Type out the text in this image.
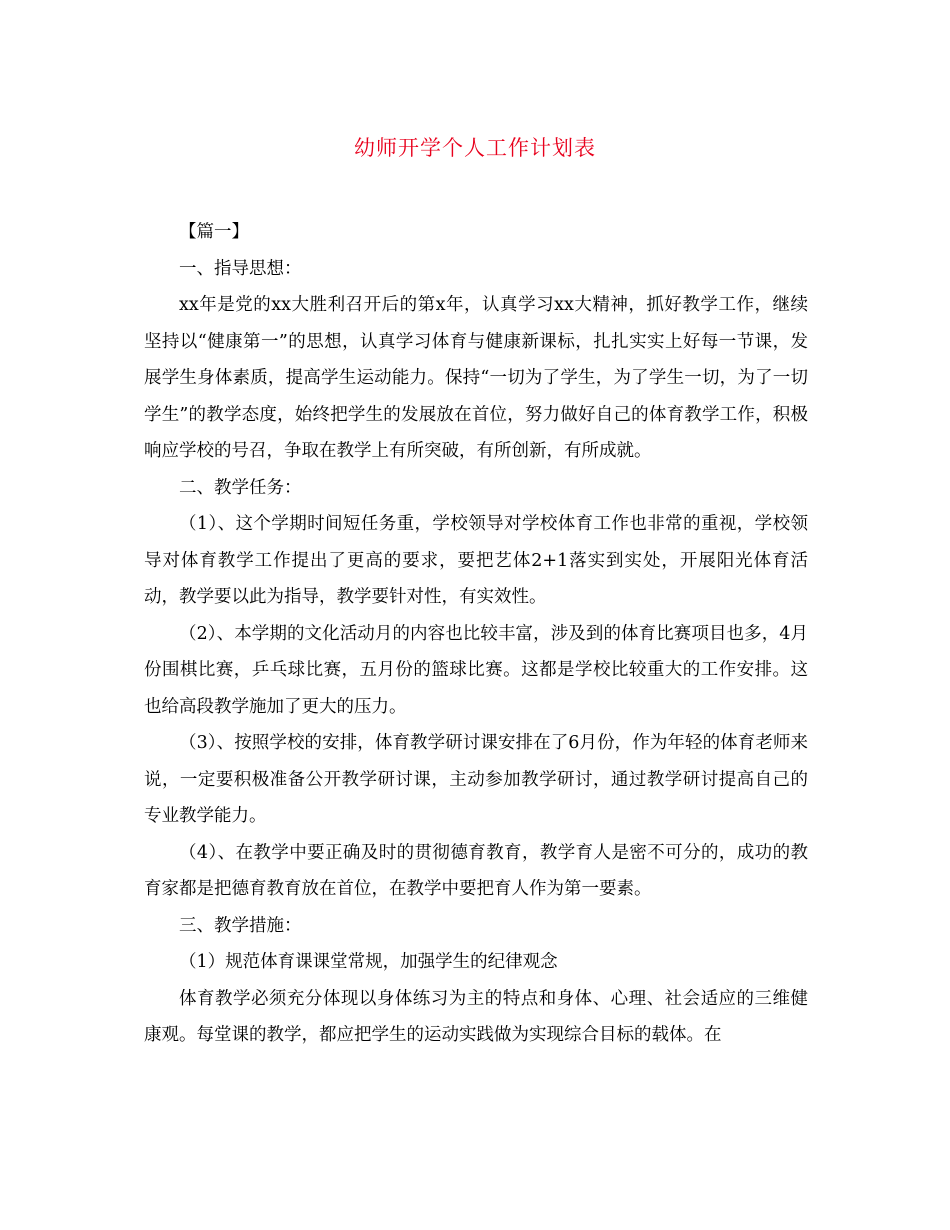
幼师开学个人工作计划表

【篇一】

一、指导思想：

xx年是党的xx大胜利召开后的第x年，认真学习xx大精神，抓好教学工作，继续坚持以“健康第一”的思想，认真学习体育与健康新课标，扎扎实实上好每一节课，发展学生身体素质，提高学生运动能力。保持“一切为了学生，为了学生一切，为了一切学生”的教学态度，始终把学生的发展放在首位，努力做好自己的体育教学工作，积极响应学校的号召，争取在教学上有所突破，有所创新，有所成就。

二、教学任务：

（1）、这个学期时间短任务重，学校领导对学校体育工作也非常的重视，学校领导对体育教学工作提出了更高的要求，要把艺体2+1落实到实处，开展阳光体育活动，教学要以此为指导，教学要针对性，有实效性。

（2）、本学期的文化活动月的内容也比较丰富，涉及到的体育比赛项目也多，4月份围棋比赛，乒乓球比赛，五月份的篮球比赛。这都是学校比较重大的工作安排。这也给高段教学施加了更大的压力。

（3）、按照学校的安排，体育教学研讨课安排在了6月份，作为年轻的体育老师来说，一定要积极准备公开教学研讨课，主动参加教学研讨，通过教学研讨提高自己的专业教学能力。

（4）、在教学中要正确及时的贯彻德育教育，教学育人是密不可分的，成功的教育家都是把德育教育放在首位，在教学中要把育人作为第一要素。

三、教学措施：

（1）规范体育课课堂常规，加强学生的纪律观念

体育教学必须充分体现以身体练习为主的特点和身体、心理、社会适应的三维健康观。每堂课的教学，都应把学生的运动实践做为实现综合目标的载体。在
